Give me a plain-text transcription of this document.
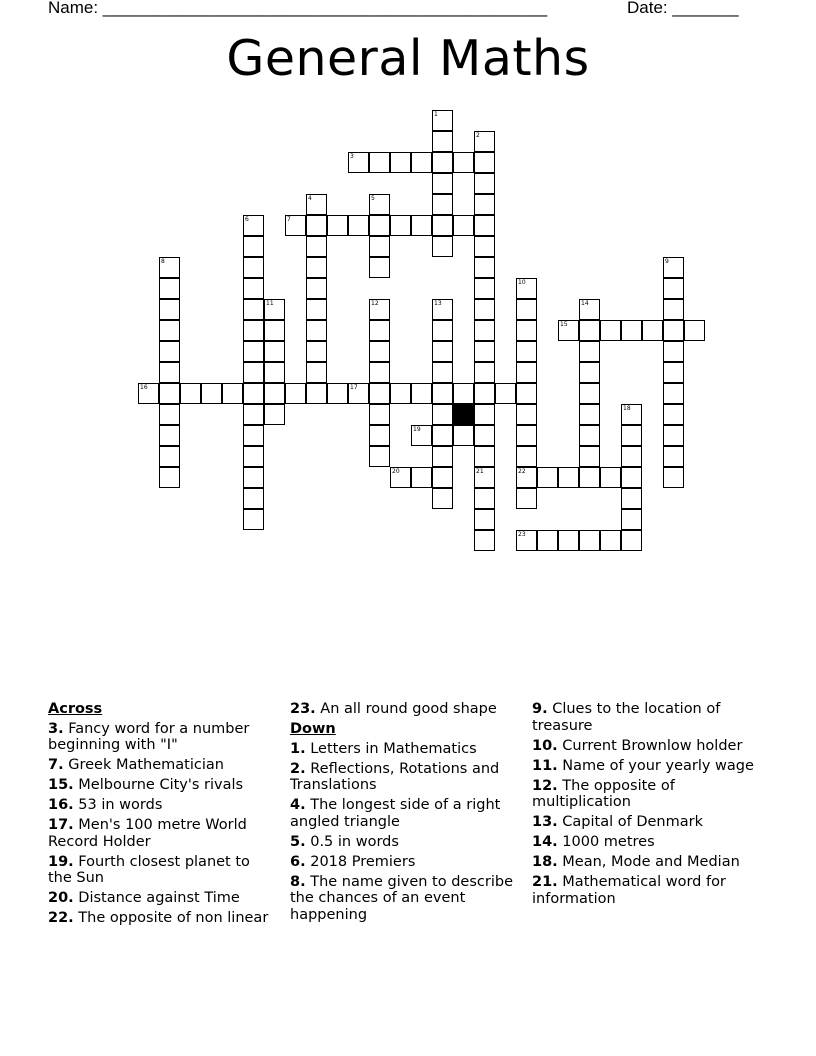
Name: _______________________________________________	Date: _______
General Maths
1
2
3
4	5
6	7
8	9
10
11	12	13	14
15
16	17
18
19
20	21	22
23
Across
3. Fancy word for a number beginning with "I"
7. Greek Mathematician
15. Melbourne City's rivals
16. 53 in words
17. Men's 100 metre World Record Holder
19. Fourth closest planet to the Sun
20. Distance against Time
22. The opposite of non linear
23. An all round good shape
Down
1. Letters in Mathematics
2. Reflections, Rotations and Translations
4. The longest side of a right angled triangle
5. 0.5 in words
6. 2018 Premiers
8. The name given to describe the chances of an event happening
9. Clues to the location of treasure
10. Current Brownlow holder
11. Name of your yearly wage
12. The opposite of multiplication
13. Capital of Denmark
14. 1000 metres
18. Mean, Mode and Median
21. Mathematical word for information
